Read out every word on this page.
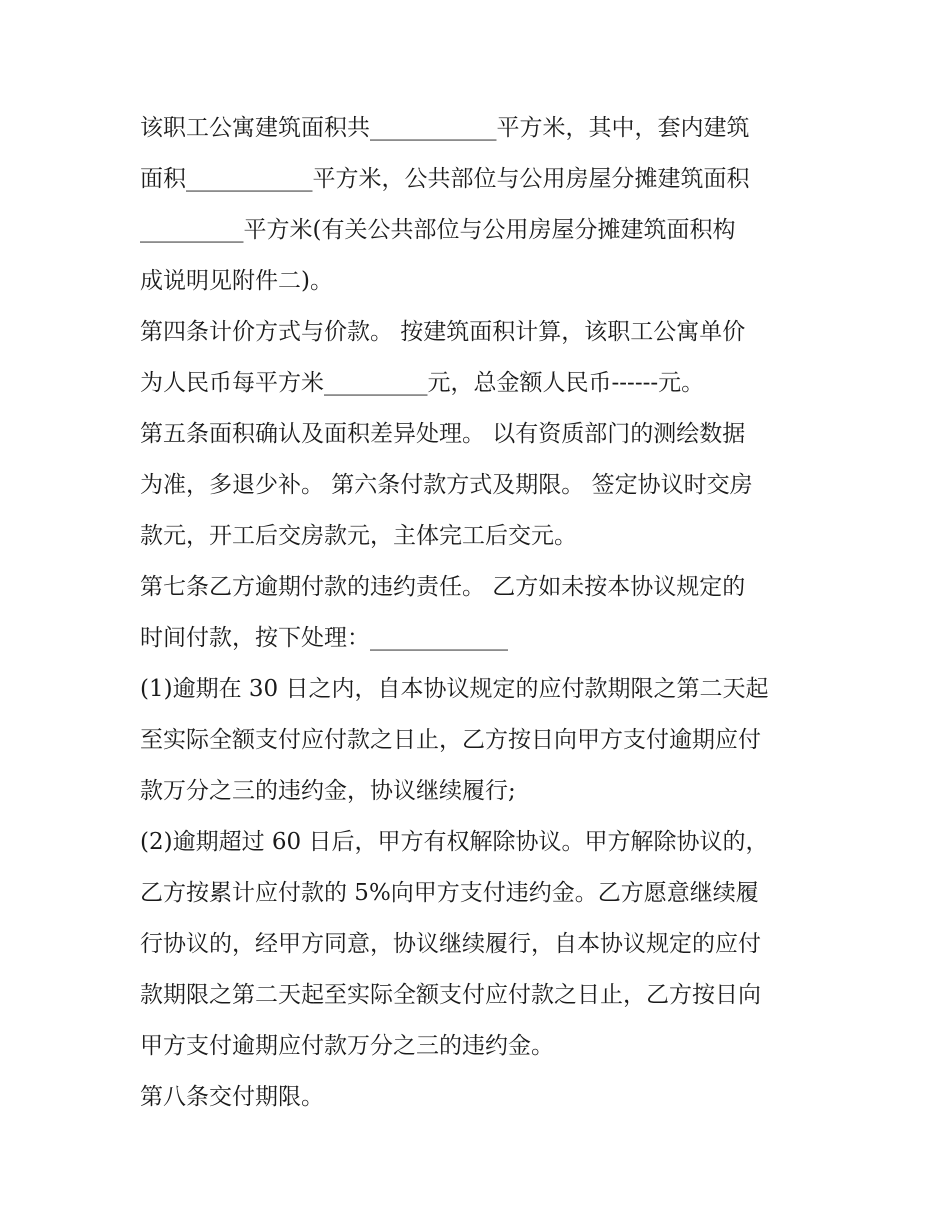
该职工公寓建筑面积共___________平方米，其中，套内建筑
面积___________平方米，公共部位与公用房屋分摊建筑面积
_________平方米(有关公共部位与公用房屋分摊建筑面积构
成说明见附件二)。
第四条计价方式与价款。 按建筑面积计算，该职工公寓单价
为人民币每平方米_________元，总金额人民币------元。
第五条面积确认及面积差异处理。 以有资质部门的测绘数据
为准，多退少补。 第六条付款方式及期限。 签定协议时交房
款元，开工后交房款元，主体完工后交元。
第七条乙方逾期付款的违约责任。 乙方如未按本协议规定的
时间付款，按下处理：____________
(1)逾期在 30 日之内，自本协议规定的应付款期限之第二天起
至实际全额支付应付款之日止，乙方按日向甲方支付逾期应付
款万分之三的违约金，协议继续履行;
(2)逾期超过 60 日后，甲方有权解除协议。甲方解除协议的，
乙方按累计应付款的 5%向甲方支付违约金。乙方愿意继续履
行协议的，经甲方同意，协议继续履行，自本协议规定的应付
款期限之第二天起至实际全额支付应付款之日止，乙方按日向
甲方支付逾期应付款万分之三的违约金。
第八条交付期限。
